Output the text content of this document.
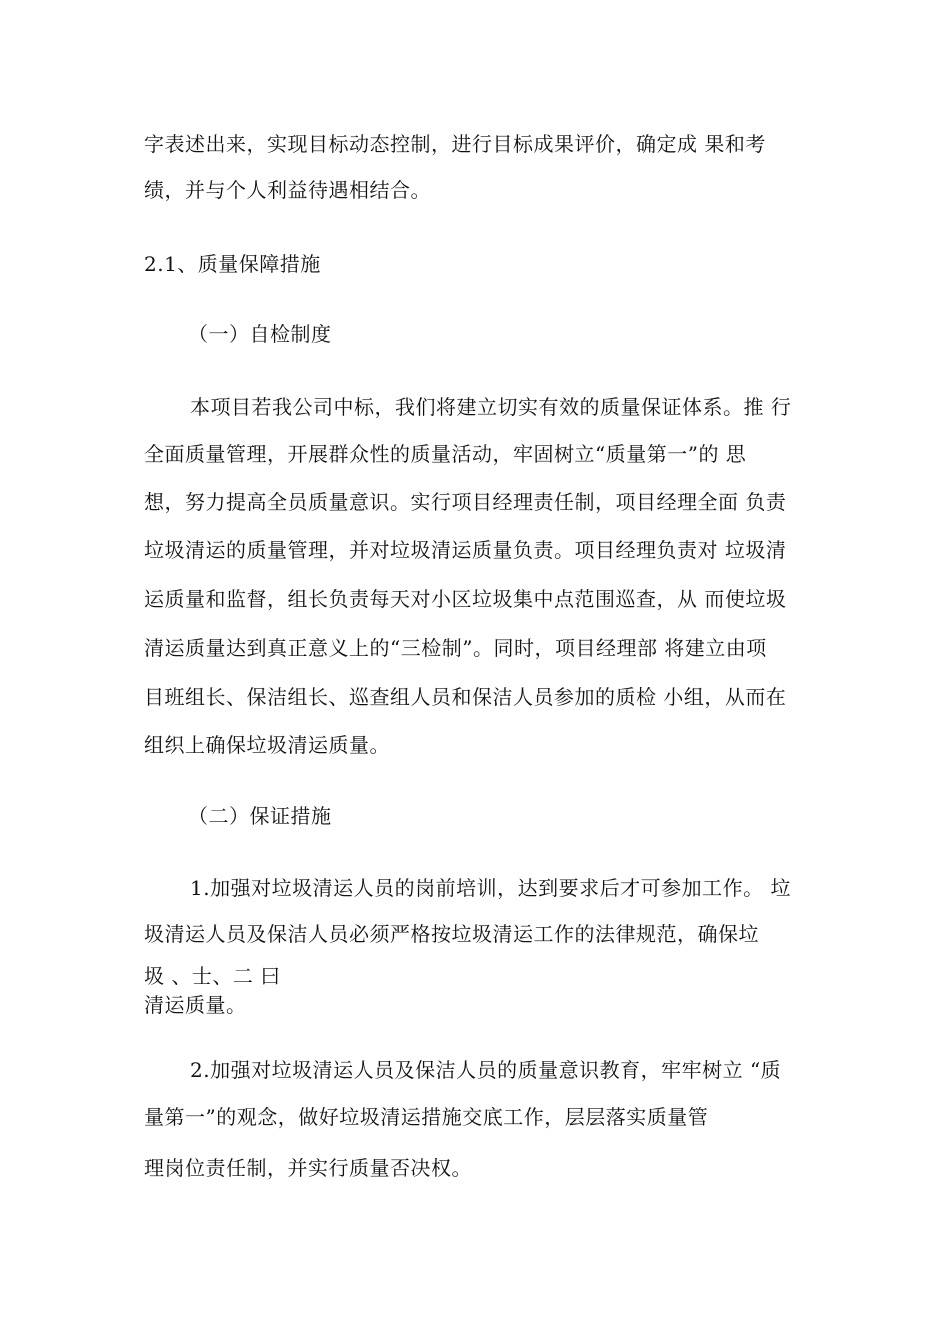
字表述出来，实现目标动态控制，进行目标成果评价，确定成 果和考
绩，并与个人利益待遇相结合。
2.1、质量保障措施
（一）自检制度
本项目若我公司中标，我们将建立切实有效的质量保证体系。推 行
全面质量管理，开展群众性的质量活动，牢固树立“质量第一”的 思
想，努力提高全员质量意识。实行项目经理责任制，项目经理全面 负责
垃圾清运的质量管理，并对垃圾清运质量负责。项目经理负责对 垃圾清
运质量和监督，组长负责每天对小区垃圾集中点范围巡查，从 而使垃圾
清运质量达到真正意义上的“三检制”。同时，项目经理部 将建立由项
目班组长、保洁组长、巡查组人员和保洁人员参加的质检 小组，从而在
组织上确保垃圾清运质量。
（二）保证措施
1.加强对垃圾清运人员的岗前培训，达到要求后才可参加工作。 垃
圾清运人员及保洁人员必须严格按垃圾清运工作的法律规范，确保垃
圾 、士、二 曰
清运质量。
2.加强对垃圾清运人员及保洁人员的质量意识教育，牢牢树立 “质
量第一”的观念，做好垃圾清运措施交底工作，层层落实质量管
理岗位责任制，并实行质量否决权。
